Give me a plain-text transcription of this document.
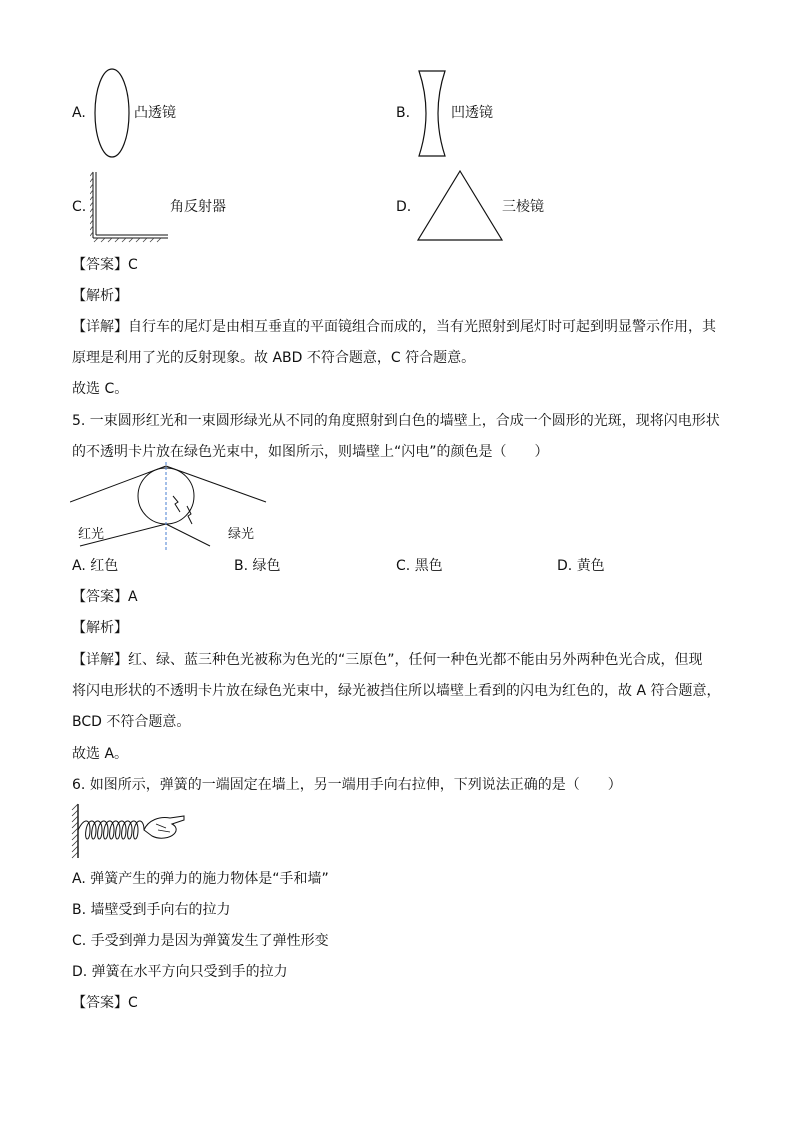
A.	凸透镜	B.	凹透镜
C.	角反射器	D.	三棱镜
【答案】C
【解析】
【详解】自行车的尾灯是由相互垂直的平面镜组合而成的，当有光照射到尾灯时可起到明显警示作用，其
原理是利用了光的反射现象。故 ABD 不符合题意，C 符合题意。
故选 C。
5. 一束圆形红光和一束圆形绿光从不同的角度照射到白色的墙壁上，合成一个圆形的光斑，现将闪电形状
的不透明卡片放在绿色光束中，如图所示，则墙壁上“闪电”的颜色是（　　）
红光	绿光
A. 红色	B. 绿色	C. 黑色	D. 黄色
【答案】A
【解析】
【详解】红、绿、蓝三种色光被称为色光的“三原色”，任何一种色光都不能由另外两种色光合成，但现
将闪电形状的不透明卡片放在绿色光束中，绿光被挡住所以墙壁上看到的闪电为红色的，故 A 符合题意，
BCD 不符合题意。
故选 A。
6. 如图所示，弹簧的一端固定在墙上，另一端用手向右拉伸，下列说法正确的是（　　）
A. 弹簧产生的弹力的施力物体是“手和墙”
B. 墙壁受到手向右的拉力
C. 手受到弹力是因为弹簧发生了弹性形变
D. 弹簧在水平方向只受到手的拉力
【答案】C
